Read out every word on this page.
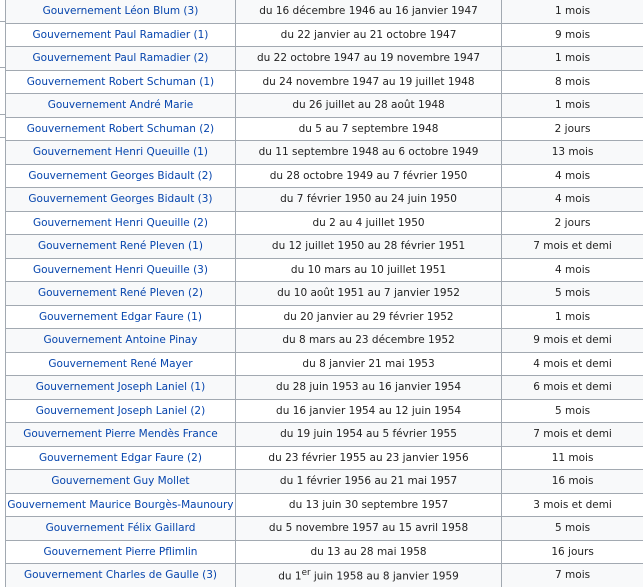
Gouvernement Léon Blum (3)	du 16 décembre 1946 au 16 janvier 1947	1 mois
Gouvernement Paul Ramadier (1)	du 22 janvier au 21 octobre 1947	9 mois
Gouvernement Paul Ramadier (2)	du 22 octobre 1947 au 19 novembre 1947	1 mois
Gouvernement Robert Schuman (1)	du 24 novembre 1947 au 19 juillet 1948	8 mois
Gouvernement André Marie	du 26 juillet au 28 août 1948	1 mois
Gouvernement Robert Schuman (2)	du 5 au 7 septembre 1948	2 jours
Gouvernement Henri Queuille (1)	du 11 septembre 1948 au 6 octobre 1949	13 mois
Gouvernement Georges Bidault (2)	du 28 octobre 1949 au 7 février 1950	4 mois
Gouvernement Georges Bidault (3)	du 7 février 1950 au 24 juin 1950	4 mois
Gouvernement Henri Queuille (2)	du 2 au 4 juillet 1950	2 jours
Gouvernement René Pleven (1)	du 12 juillet 1950 au 28 février 1951	7 mois et demi
Gouvernement Henri Queuille (3)	du 10 mars au 10 juillet 1951	4 mois
Gouvernement René Pleven (2)	du 10 août 1951 au 7 janvier 1952	5 mois
Gouvernement Edgar Faure (1)	du 20 janvier au 29 février 1952	1 mois
Gouvernement Antoine Pinay	du 8 mars au 23 décembre 1952	9 mois et demi
Gouvernement René Mayer	du 8 janvier 21 mai 1953	4 mois et demi
Gouvernement Joseph Laniel (1)	du 28 juin 1953 au 16 janvier 1954	6 mois et demi
Gouvernement Joseph Laniel (2)	du 16 janvier 1954 au 12 juin 1954	5 mois
Gouvernement Pierre Mendès France	du 19 juin 1954 au 5 février 1955	7 mois et demi
Gouvernement Edgar Faure (2)	du 23 février 1955 au 23 janvier 1956	11 mois
Gouvernement Guy Mollet	du 1 février 1956 au 21 mai 1957	16 mois
Gouvernement Maurice Bourgès-Maunoury	du 13 juin 30 septembre 1957	3 mois et demi
Gouvernement Félix Gaillard	du 5 novembre 1957 au 15 avril 1958	5 mois
Gouvernement Pierre Pflimlin	du 13 au 28 mai 1958	16 jours
Gouvernement Charles de Gaulle (3)	du 1er juin 1958 au 8 janvier 1959	7 mois
